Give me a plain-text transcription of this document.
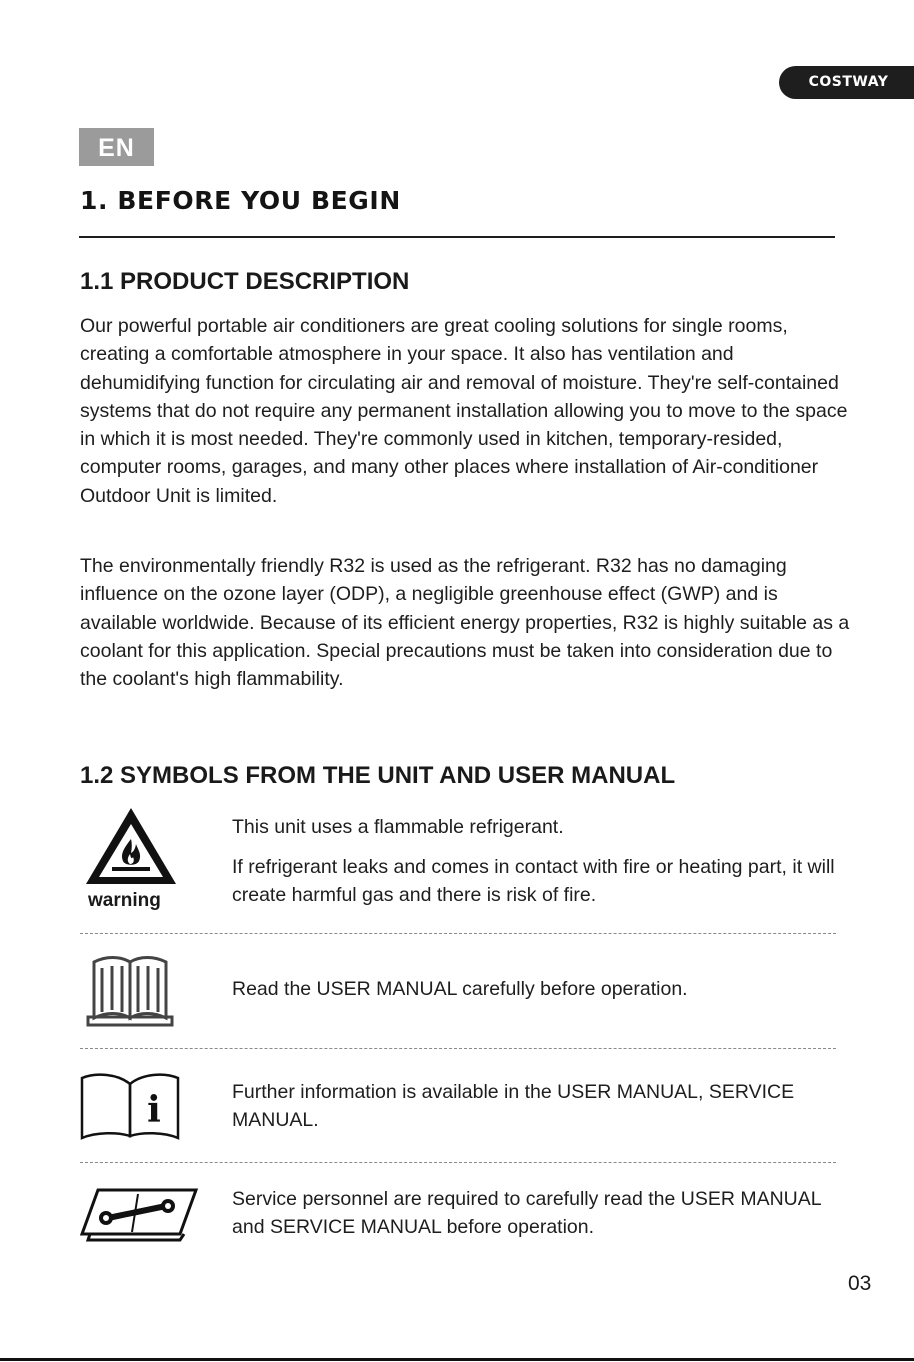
COSTWAY
EN
1. BEFORE YOU BEGIN
1.1 PRODUCT DESCRIPTION

Our powerful portable air conditioners are great cooling solutions for single rooms, creating a comfortable atmosphere in your space. It also has ventilation and dehumidifying function for circulating air and removal of moisture. They're self-contained systems that do not require any permanent installation allowing you to move to the space in which it is most needed. They're commonly used in kitchen, temporary-resided, computer rooms, garages, and many other places where installation of Air-conditioner Outdoor Unit is limited.

The environmentally friendly R32 is used as the refrigerant. R32 has no damaging influence on the ozone layer (ODP), a negligible greenhouse effect (GWP) and is available worldwide. Because of its efficient energy properties, R32 is highly suitable as a coolant for this application. Special precautions must be taken into consideration due to the coolant's high flammability.

1.2 SYMBOLS FROM THE UNIT AND USER MANUAL
warning

This unit uses a flammable refrigerant.

If refrigerant leaks and comes in contact with fire or heating part, it will create harmful gas and there is risk of fire.

Read the USER MANUAL carefully before operation.

i	Further information is available in the USER MANUAL, SERVICE MANUAL.

Service personnel are required to carefully read the USER MANUAL and SERVICE MANUAL before operation.

03
